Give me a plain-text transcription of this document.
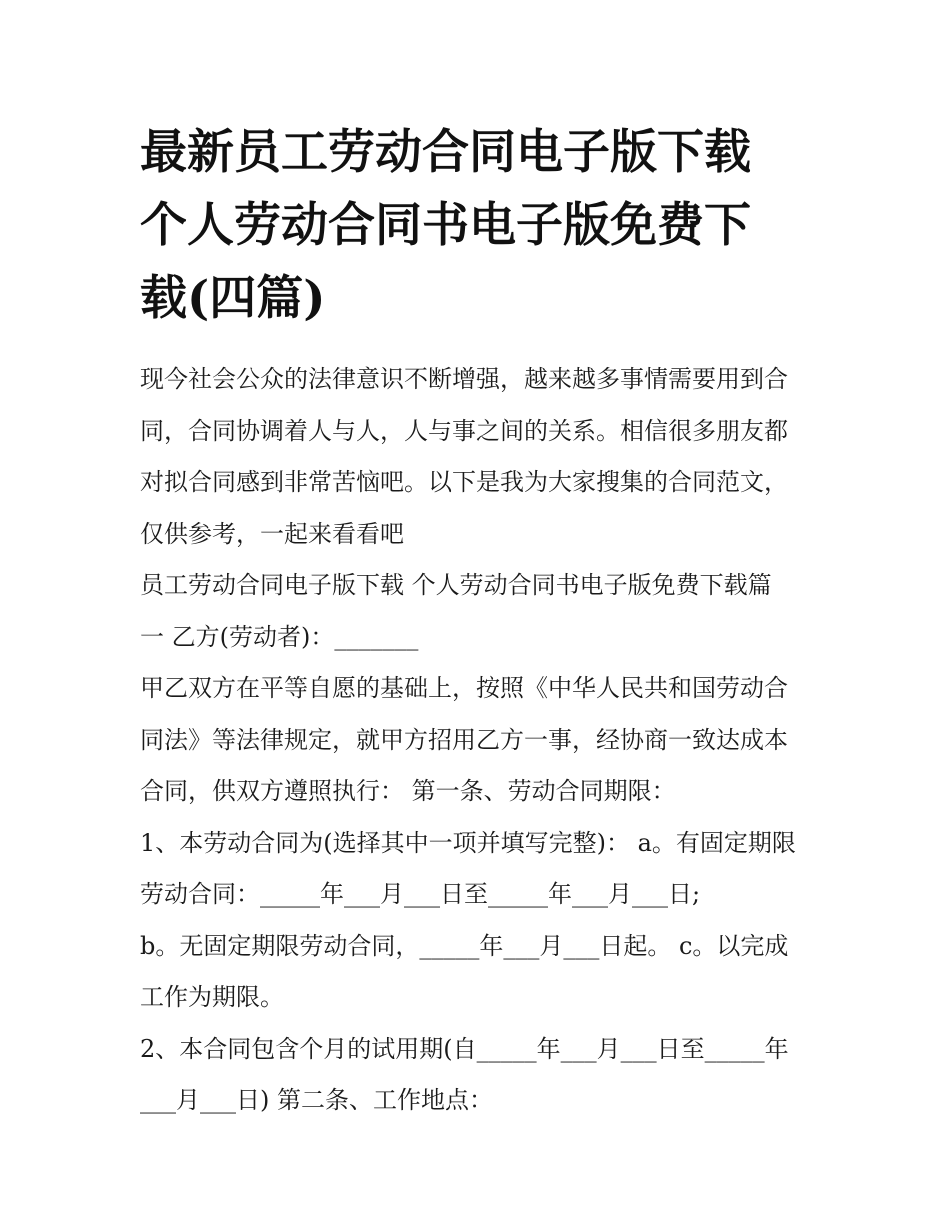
最新员工劳动合同电子版下载
个人劳动合同书电子版免费下
载(四篇)
现今社会公众的法律意识不断增强，越来越多事情需要用到合
同，合同协调着人与人，人与事之间的关系。相信很多朋友都
对拟合同感到非常苦恼吧。以下是我为大家搜集的合同范文，
仅供参考，一起来看看吧
员工劳动合同电子版下载 个人劳动合同书电子版免费下载篇
一 乙方(劳动者)：_______
甲乙双方在平等自愿的基础上，按照《中华人民共和国劳动合
同法》等法律规定，就甲方招用乙方一事，经协商一致达成本
合同，供双方遵照执行： 第一条、劳动合同期限：
1、本劳动合同为(选择其中一项并填写完整)： a。有固定期限
劳动合同：_____年___月___日至_____年___月___日;
b。无固定期限劳动合同，_____年___月___日起。 c。以完成
工作为期限。
2、本合同包含个月的试用期(自_____年___月___日至_____年
___月___日) 第二条、工作地点：
